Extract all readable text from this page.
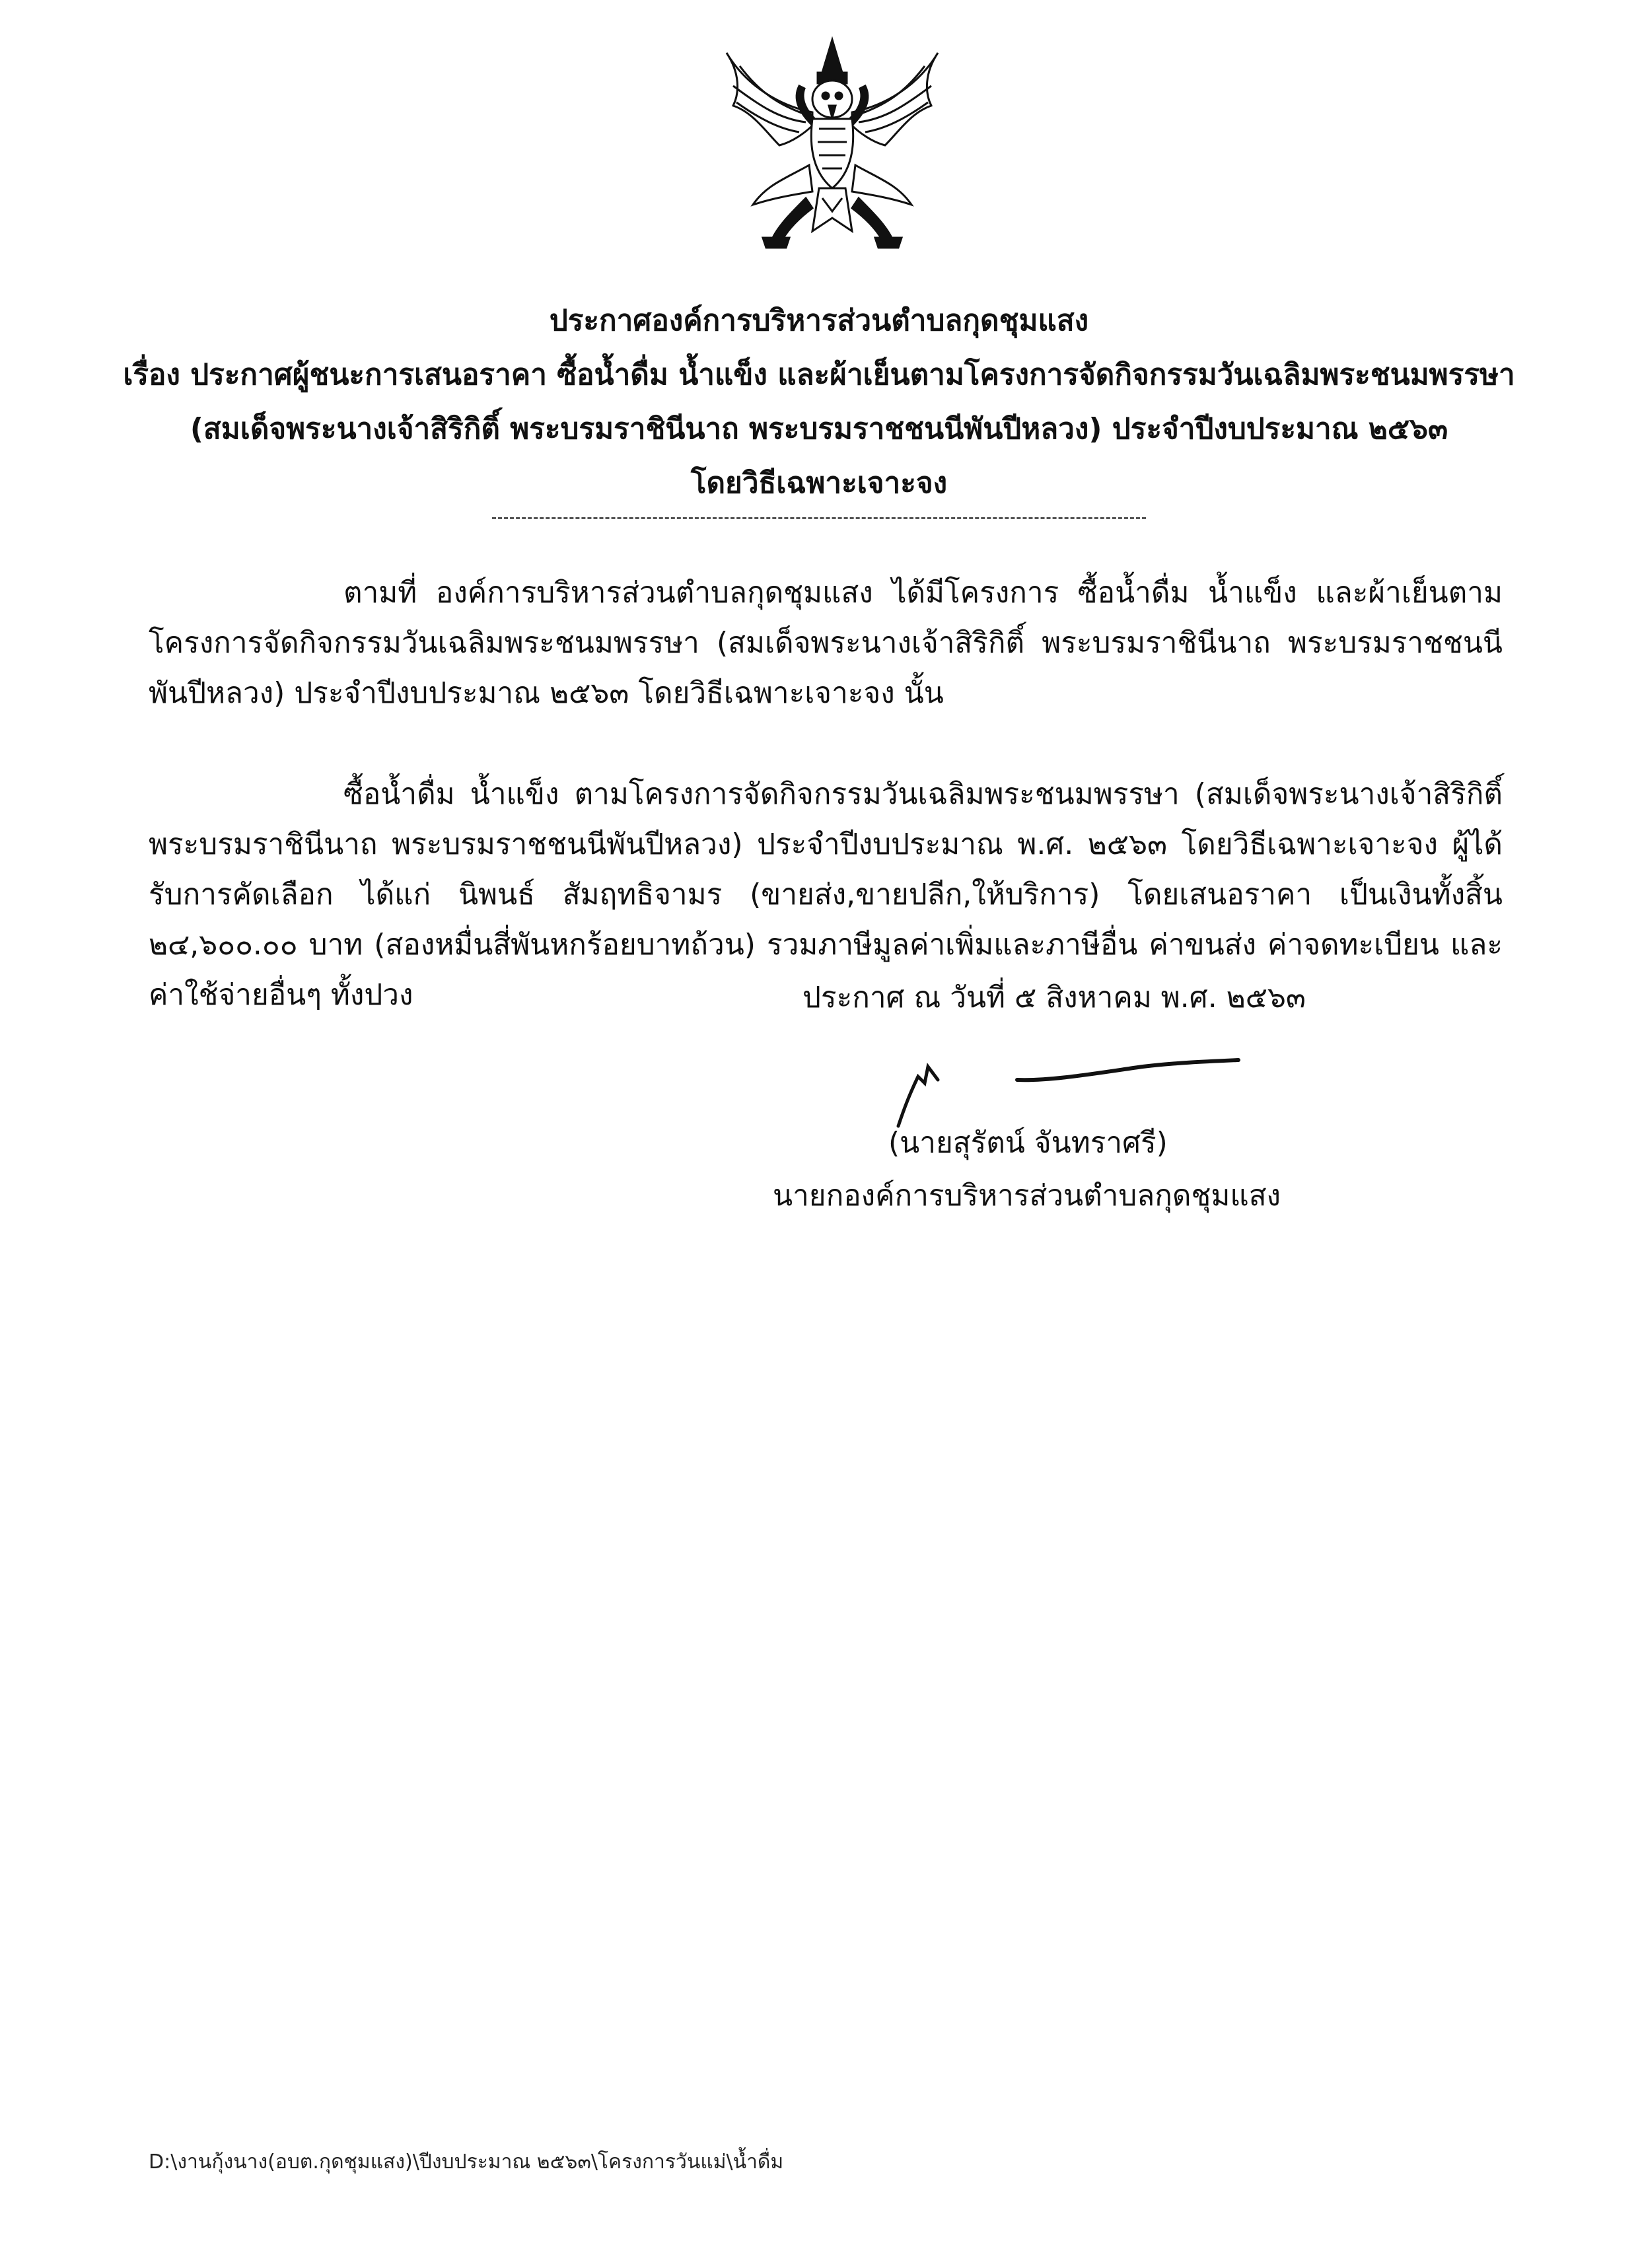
ประกาศองค์การบริหารส่วนตำบลกุดชุมแสง
เรื่อง ประกาศผู้ชนะการเสนอราคา ซื้อน้ำดื่ม น้ำแข็ง และผ้าเย็นตามโครงการจัดกิจกรรมวันเฉลิมพระชนมพรรษา
(สมเด็จพระนางเจ้าสิริกิติ์ พระบรมราชินีนาถ พระบรมราชชนนีพันปีหลวง) ประจำปีงบประมาณ ๒๕๖๓
โดยวิธีเฉพาะเจาะจง

ตามที่ องค์การบริหารส่วนตำบลกุดชุมแสง ได้มีโครงการ ซื้อน้ำดื่ม น้ำแข็ง และผ้าเย็นตามโครงการจัดกิจกรรมวันเฉลิมพระชนมพรรษา (สมเด็จพระนางเจ้าสิริกิติ์ พระบรมราชินีนาถ พระบรมราชชนนีพันปีหลวง) ประจำปีงบประมาณ ๒๕๖๓ โดยวิธีเฉพาะเจาะจง นั้น

ซื้อน้ำดื่ม น้ำแข็ง ตามโครงการจัดกิจกรรมวันเฉลิมพระชนมพรรษา (สมเด็จพระนางเจ้าสิริกิติ์ พระบรมราชินีนาถ พระบรมราชชนนีพันปีหลวง) ประจำปีงบประมาณ พ.ศ. ๒๕๖๓ โดยวิธีเฉพาะเจาะจง ผู้ได้รับการคัดเลือก ได้แก่ นิพนธ์ สัมฤทธิจามร (ขายส่ง,ขายปลีก,ให้บริการ) โดยเสนอราคา เป็นเงินทั้งสิ้น ๒๔,๖๐๐.๐๐ บาท (สองหมื่นสี่พันหกร้อยบาทถ้วน) รวมภาษีมูลค่าเพิ่มและภาษีอื่น ค่าขนส่ง ค่าจดทะเบียน และค่าใช้จ่ายอื่นๆ ทั้งปวง	ประกาศ ณ วันที่ ๕ สิงหาคม พ.ศ. ๒๕๖๓
(นายสุรัตน์ จันทราศรี)
นายกองค์การบริหารส่วนตำบลกุดชุมแสง
D:\งานกุ้งนาง(อบต.กุดชุมแสง)\ปีงบประมาณ ๒๕๖๓\โครงการวันแม่\น้ำดื่ม
